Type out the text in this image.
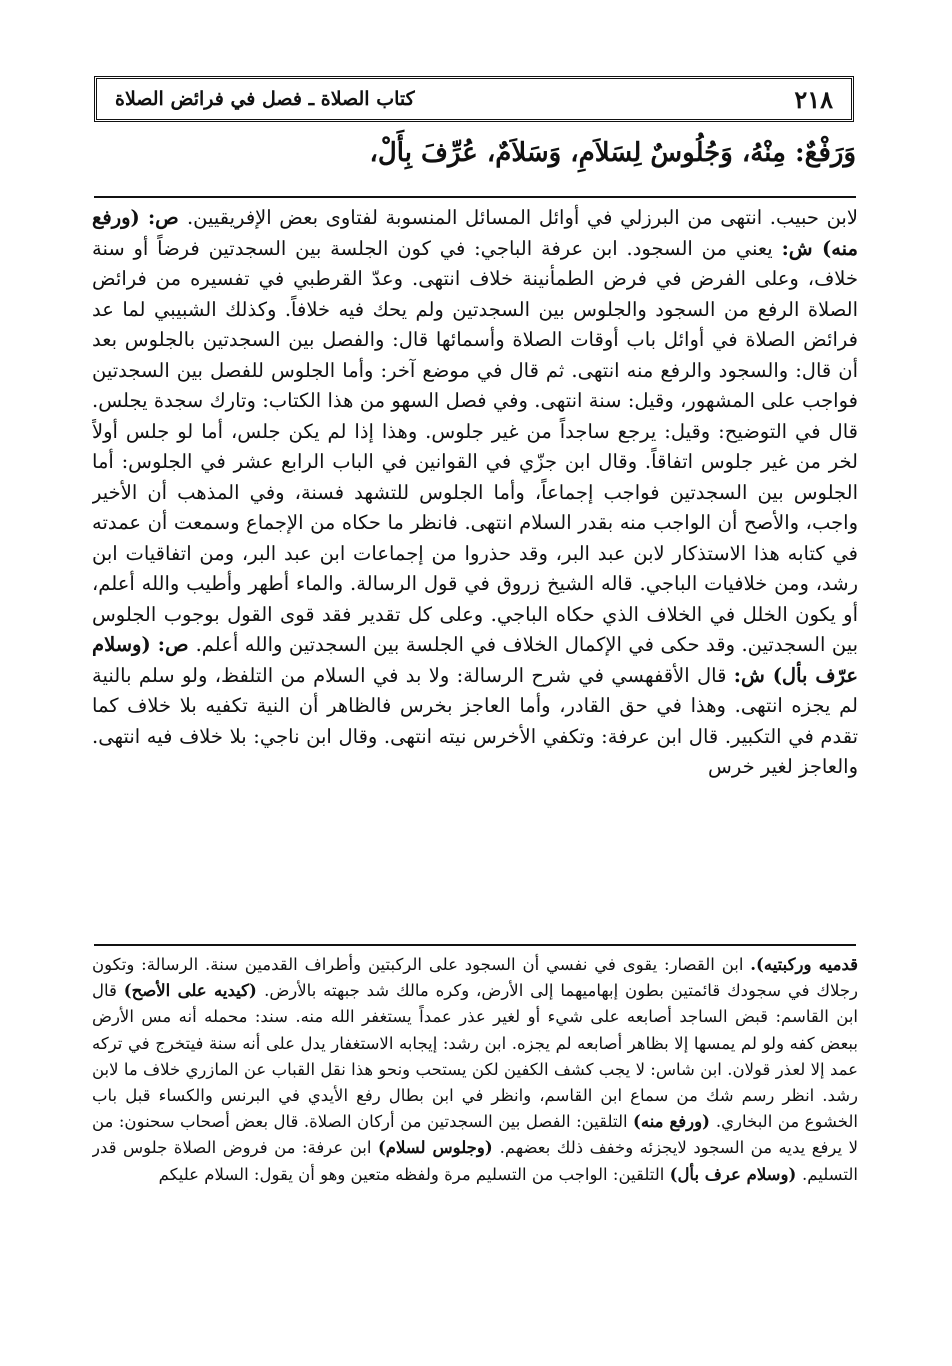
٢١٨
كتاب الصلاة ـ فصل في فرائض الصلاة
وَرَفْعٌ: مِنْهُ، وَجُلُوسٌ لِسَلاَمِ، وَسَلاَمٌ، عُرِّفَ بِأَلْ،

لابن حبيب. انتهى من البرزلي في أوائل المسائل المنسوبة لفتاوى بعض الإفريقيين. ص: (ورفع منه) ش: يعني من السجود. ابن عرفة الباجي: في كون الجلسة بين السجدتين فرضاً أو سنة خلاف، وعلى الفرض في فرض الطمأنينة خلاف انتهى. وعدّ القرطبي في تفسيره من فرائض الصلاة الرفع من السجود والجلوس بين السجدتين ولم يحك فيه خلافاً. وكذلك الشبيبي لما عد فرائض الصلاة في أوائل باب أوقات الصلاة وأسمائها قال: والفصل بين السجدتين بالجلوس بعد أن قال: والسجود والرفع منه انتهى. ثم قال في موضع آخر: وأما الجلوس للفصل بين السجدتين فواجب على المشهور، وقيل: سنة انتهى. وفي فصل السهو من هذا الكتاب: وتارك سجدة يجلس. قال في التوضيح: وقيل: يرجع ساجداً من غير جلوس. وهذا إذا لم يكن جلس، أما لو جلس أولاً لخر من غير جلوس اتفاقاً. وقال ابن جزّي في القوانين في الباب الرابع عشر في الجلوس: أما الجلوس بين السجدتين فواجب إجماعاً، وأما الجلوس للتشهد فسنة، وفي المذهب أن الأخير واجب، والأصح أن الواجب منه بقدر السلام انتهى. فانظر ما حكاه من الإجماع وسمعت أن عمدته في كتابه هذا الاستذكار لابن عبد البر، وقد حذروا من إجماعات ابن عبد البر، ومن اتفاقيات ابن رشد، ومن خلافيات الباجي. قاله الشيخ زروق في قول الرسالة. والماء أطهر وأطيب والله أعلم، أو يكون الخلل في الخلاف الذي حكاه الباجي. وعلى كل تقدير فقد قوى القول بوجوب الجلوس بين السجدتين. وقد حكى في الإكمال الخلاف في الجلسة بين السجدتين والله أعلم. ص: (وسلام عرّف بأل) ش: قال الأقفهسي في شرح الرسالة: ولا بد في السلام من التلفظ، ولو سلم بالنية لم يجزه انتهى. وهذا في حق القادر، وأما العاجز بخرس فالظاهر أن النية تكفيه بلا خلاف كما تقدم في التكبير. قال ابن عرفة: وتكفي الأخرس نيته انتهى. وقال ابن ناجي: بلا خلاف فيه انتهى. والعاجز لغير خرس

قدميه وركبتيه). ابن القصار: يقوى في نفسي أن السجود على الركبتين وأطراف القدمين سنة. الرسالة: وتكون رجلاك في سجودك قائمتين بطون إبهاميهما إلى الأرض، وكره مالك شد جبهته بالأرض. (كيديه على الأصح) قال ابن القاسم: قبض الساجد أصابعه على شيء أو لغير عذر عمداً يستغفر الله منه. سند: محمله أنه مس الأرض ببعض كفه ولو لم يمسها إلا بظاهر أصابعه لم يجزه. ابن رشد: إيجابه الاستغفار يدل على أنه سنة فيتخرج في تركه عمد إلا لعذر قولان. ابن شاس: لا يجب كشف الكفين لكن يستحب ونحو هذا نقل القباب عن المازري خلاف ما لابن رشد. انظر رسم شك من سماع ابن القاسم، وانظر في ابن بطال رفع الأيدي في البرنس والكساء قبل باب الخشوع من البخاري. (ورفع منه) التلقين: الفصل بين السجدتين من أركان الصلاة. قال بعض أصحاب سحنون: من لا يرفع يديه من السجود لايجزئه وخفف ذلك بعضهم. (وجلوس لسلام) ابن عرفة: من فروض الصلاة جلوس قدر التسليم. (وسلام عرف بأل) التلقين: الواجب من التسليم مرة ولفظه متعين وهو أن يقول: السلام عليكم
